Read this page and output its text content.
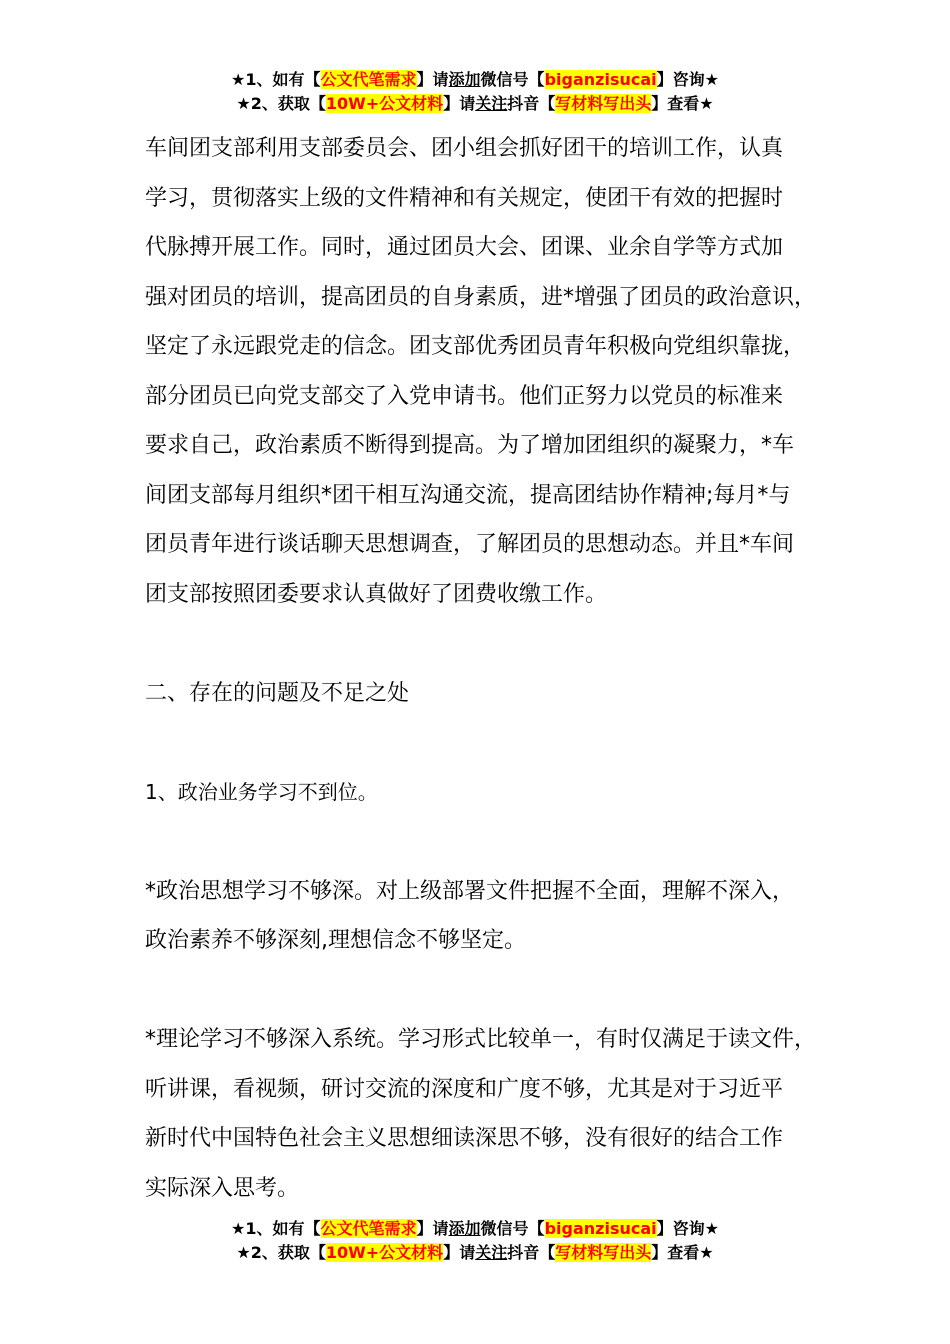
★1、如有【公文代笔需求】请添加微信号【biganzisucai】咨询★
★2、获取【10W+公文材料】请关注抖音【写材料写出头】查看★

车间团支部利用支部委员会、团小组会抓好团干的培训工作，认真
学习，贯彻落实上级的文件精神和有关规定，使团干有效的把握时
代脉搏开展工作。同时，通过团员大会、团课、业余自学等方式加
强对团员的培训，提高团员的自身素质，进*增强了团员的政治意识，
坚定了永远跟党走的信念。团支部优秀团员青年积极向党组织靠拢，
部分团员已向党支部交了入党申请书。他们正努力以党员的标准来
要求自己，政治素质不断得到提高。为了增加团组织的凝聚力，*车
间团支部每月组织*团干相互沟通交流，提高团结协作精神;每月*与
团员青年进行谈话聊天思想调查，了解团员的思想动态。并且*车间
团支部按照团委要求认真做好了团费收缴工作。

二、存在的问题及不足之处

1、政治业务学习不到位。

*政治思想学习不够深。对上级部署文件把握不全面，理解不深入，
政治素养不够深刻,理想信念不够坚定。

*理论学习不够深入系统。学习形式比较单一，有时仅满足于读文件，
听讲课，看视频，研讨交流的深度和广度不够，尤其是对于习近平
新时代中国特色社会主义思想细读深思不够，没有很好的结合工作
实际深入思考。

★1、如有【公文代笔需求】请添加微信号【biganzisucai】咨询★
★2、获取【10W+公文材料】请关注抖音【写材料写出头】查看★
